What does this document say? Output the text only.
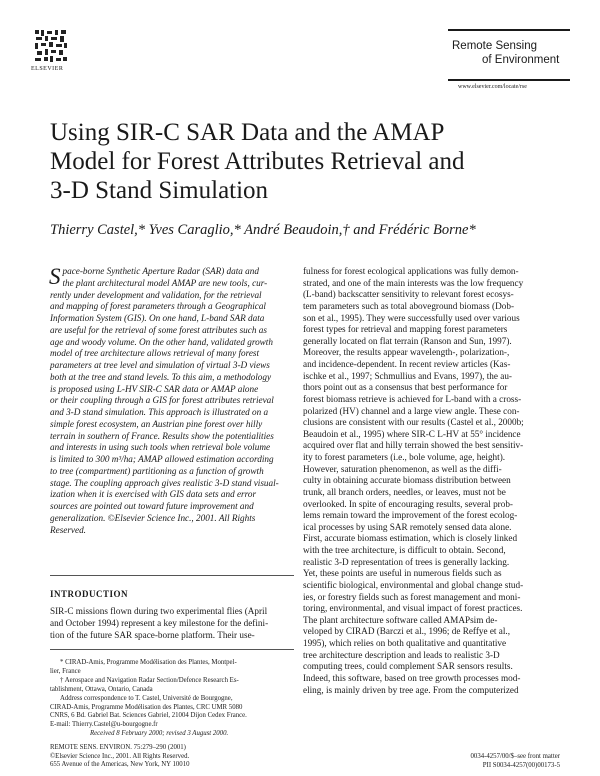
ELSEVIER
Remote Sensing
of Environment
www.elsevier.com/locate/rse
Using SIR-C SAR Data and the AMAP
Model for Forest Attributes Retrieval and
3-D Stand Simulation
Thierry Castel,* Yves Caraglio,* André Beaudoin,† and Frédéric Borne*
Space-borne Synthetic Aperture Radar (SAR) data and
the plant architectural model AMAP are new tools, cur-
rently under development and validation, for the retrieval
and mapping of forest parameters through a Geographical
Information System (GIS). On one hand, L-band SAR data
are useful for the retrieval of some forest attributes such as
age and woody volume. On the other hand, validated growth
model of tree architecture allows retrieval of many forest
parameters at tree level and simulation of virtual 3-D views
both at the tree and stand levels. To this aim, a methodology
is proposed using L-HV SIR-C SAR data or AMAP alone
or their coupling through a GIS for forest attributes retrieval
and 3-D stand simulation. This approach is illustrated on a
simple forest ecosystem, an Austrian pine forest over hilly
terrain in southern of France. Results show the potentialities
and interests in using such tools when retrieval bole volume
is limited to 300 m³/ha; AMAP allowed estimation according
to tree (compartment) partitioning as a function of growth
stage. The coupling approach gives realistic 3-D stand visual-
ization when it is exercised with GIS data sets and error
sources are pointed out toward future improvement and
generalization. ©Elsevier Science Inc., 2001. All Rights
Reserved.
INTRODUCTION
SIR-C missions flown during two experimental flies (April
and October 1994) represent a key milestone for the defini-
tion of the future SAR space-borne platform. Their use-
* CIRAD-Amis, Programme Modélisation des Plantes, Montpel-
lier, France
† Aerospace and Navigation Radar Section/Defence Research Es-
tablishment, Ottawa, Ontario, Canada
Address correspondence to T. Castel, Université de Bourgogne,
CIRAD-Amis, Programme Modélisation des Plantes, CRC UMR 5080
CNRS, 6 Bd. Gabriel Bat. Sciences Gabriel, 21004 Dijon Cedex France.
E-mail: Thierry.Castel@u-bourgogne.fr
Received 8 February 2000; revised 3 August 2000.
fulness for forest ecological applications was fully demon-
strated, and one of the main interests was the low frequency
(L-band) backscatter sensitivity to relevant forest ecosys-
tem parameters such as total aboveground biomass (Dob-
son et al., 1995). They were successfully used over various
forest types for retrieval and mapping forest parameters
generally located on flat terrain (Ranson and Sun, 1997).
Moreover, the results appear wavelength-, polarization-,
and incidence-dependent. In recent review articles (Kas-
ischke et al., 1997; Schmullius and Evans, 1997), the au-
thors point out as a consensus that best performance for
forest biomass retrieve is achieved for L-band with a cross-
polarized (HV) channel and a large view angle. These con-
clusions are consistent with our results (Castel et al., 2000b;
Beaudoin et al., 1995) where SIR-C L-HV at 55° incidence
acquired over flat and hilly terrain showed the best sensitiv-
ity to forest parameters (i.e., bole volume, age, height).
However, saturation phenomenon, as well as the diffi-
culty in obtaining accurate biomass distribution between
trunk, all branch orders, needles, or leaves, must not be
overlooked. In spite of encouraging results, several prob-
lems remain toward the improvement of the forest ecolog-
ical processes by using SAR remotely sensed data alone.
First, accurate biomass estimation, which is closely linked
with the tree architecture, is difficult to obtain. Second,
realistic 3-D representation of trees is generally lacking.
Yet, these points are useful in numerous fields such as
scientific biological, environmental and global change stud-
ies, or forestry fields such as forest management and moni-
toring, environmental, and visual impact of forest practices.
The plant architecture software called AMAPsim de-
veloped by CIRAD (Barczi et al., 1996; de Reffye et al.,
1995), which relies on both qualitative and quantitative
tree architecture description and leads to realistic 3-D
computing trees, could complement SAR sensors results.
Indeed, this software, based on tree growth processes mod-
eling, is mainly driven by tree age. From the computerized
REMOTE SENS. ENVIRON. 75:279–290 (2001)
©Elsevier Science Inc., 2001. All Rights Reserved.
655 Avenue of the Americas, New York, NY 10010
0034-4257/00/$–see front matter
PII S0034-4257(00)00173-5
